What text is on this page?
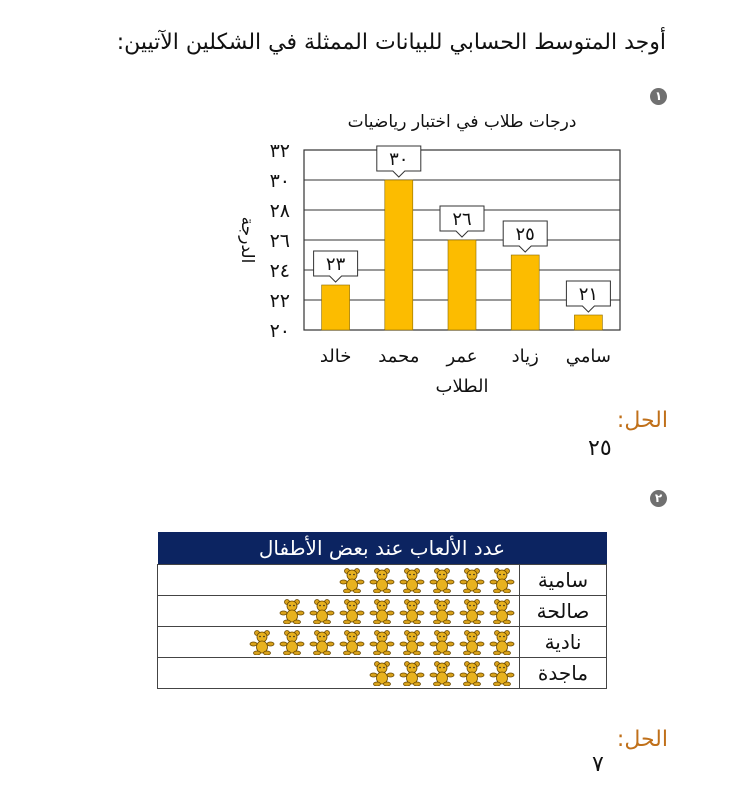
أوجد المتوسط الحسابي للبيانات الممثلة في الشكلين الآتيين:
١
درجات طلاب في اختبار رياضيات
٢٠
٢٢
٢٤
٢٦
٢٨
٣٠
٣٢
الدرجة
٢٣
خالد
٣٠
محمد
٢٦
عمر
٢٥
زياد
٢١
سامي
الطلاب
الحل:
٢٥
٢
عدد الألعاب عند بعض الأطفال	
سامية	
صالحة	
نادية	
ماجدة	
الحل:
٧
